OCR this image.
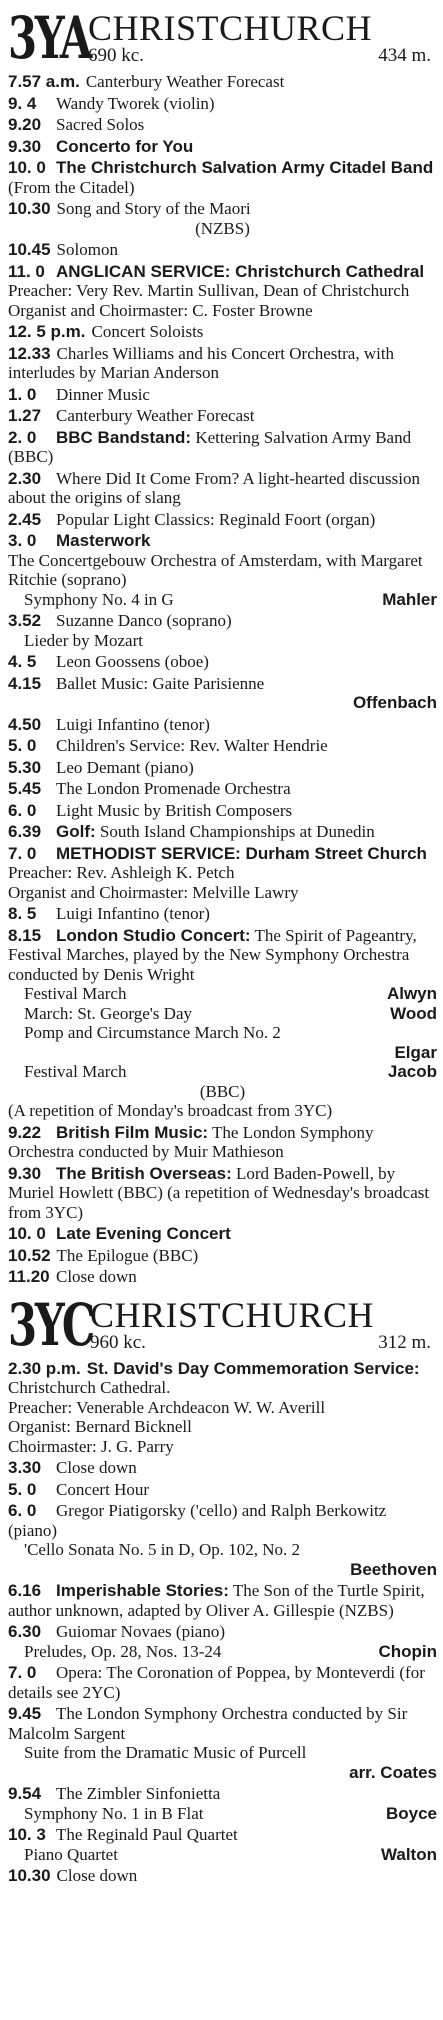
3YA
CHRISTCHURCH
690 kc.	434 m.
7.57 a.m. Canterbury Weather Forecast
9. 4 Wandy Tworek (violin)
9.20 Sacred Solos
9.30 Concerto for You
10. 0 The Christchurch Salvation Army Citadel Band (From the Citadel)
10.30 Song and Story of the Maori
(NZBS)
10.45 Solomon
11. 0 ANGLICAN SERVICE: Christchurch Cathedral
Preacher: Very Rev. Martin Sullivan, Dean of Christchurch
Organist and Choirmaster: C. Foster Browne
12. 5 p.m. Concert Soloists
12.33 Charles Williams and his Concert Orchestra, with interludes by Marian Anderson
1. 0 Dinner Music
1.27 Canterbury Weather Forecast
2. 0 BBC Bandstand: Kettering Salvation Army Band (BBC)
2.30 Where Did It Come From? A light-hearted discussion about the origins of slang
2.45 Popular Light Classics: Reginald Foort (organ)
3. 0 Masterwork
The Concertgebouw Orchestra of Amsterdam, with Margaret Ritchie (soprano)
Symphony No. 4 in G	Mahler
3.52 Suzanne Danco (soprano)
Lieder by Mozart
4. 5 Leon Goossens (oboe)
4.15 Ballet Music: Gaite Parisienne
Offenbach
4.50 Luigi Infantino (tenor)
5. 0 Children's Service: Rev. Walter Hendrie
5.30 Leo Demant (piano)
5.45 The London Promenade Orchestra
6. 0 Light Music by British Composers
6.39 Golf: South Island Championships at Dunedin
7. 0 METHODIST SERVICE: Durham Street Church
Preacher: Rev. Ashleigh K. Petch
Organist and Choirmaster: Melville Lawry
8. 5 Luigi Infantino (tenor)
8.15 London Studio Concert: The Spirit of Pageantry, Festival Marches, played by the New Symphony Orchestra conducted by Denis Wright
Festival March	Alwyn
March: St. George's Day	Wood
Pomp and Circumstance March No. 2
Elgar
Festival March	Jacob
(BBC)
(A repetition of Monday's broadcast from 3YC)
9.22 British Film Music: The London Symphony Orchestra conducted by Muir Mathieson
9.30 The British Overseas: Lord Baden-Powell, by Muriel Howlett (BBC) (a repetition of Wednesday's broadcast from 3YC)
10. 0 Late Evening Concert
10.52 The Epilogue (BBC)
11.20 Close down
3YC
CHRISTCHURCH
960 kc.	312 m.
2.30 p.m. St. David's Day Commemoration Service: Christchurch Cathedral.
Preacher: Venerable Archdeacon W. W. Averill
Organist: Bernard Bicknell
Choirmaster: J. G. Parry
3.30 Close down
5. 0 Concert Hour
6. 0 Gregor Piatigorsky ('cello) and Ralph Berkowitz (piano)
'Cello Sonata No. 5 in D, Op. 102, No. 2
Beethoven
6.16 Imperishable Stories: The Son of the Turtle Spirit, author unknown, adapted by Oliver A. Gillespie (NZBS)
6.30 Guiomar Novaes (piano)
Preludes, Op. 28, Nos. 13-24	Chopin
7. 0 Opera: The Coronation of Poppea, by Monteverdi (for details see 2YC)
9.45 The London Symphony Orchestra conducted by Sir Malcolm Sargent
Suite from the Dramatic Music of Purcell
arr. Coates
9.54 The Zimbler Sinfonietta
Symphony No. 1 in B Flat	Boyce
10. 3 The Reginald Paul Quartet
Piano Quartet	Walton
10.30 Close down
